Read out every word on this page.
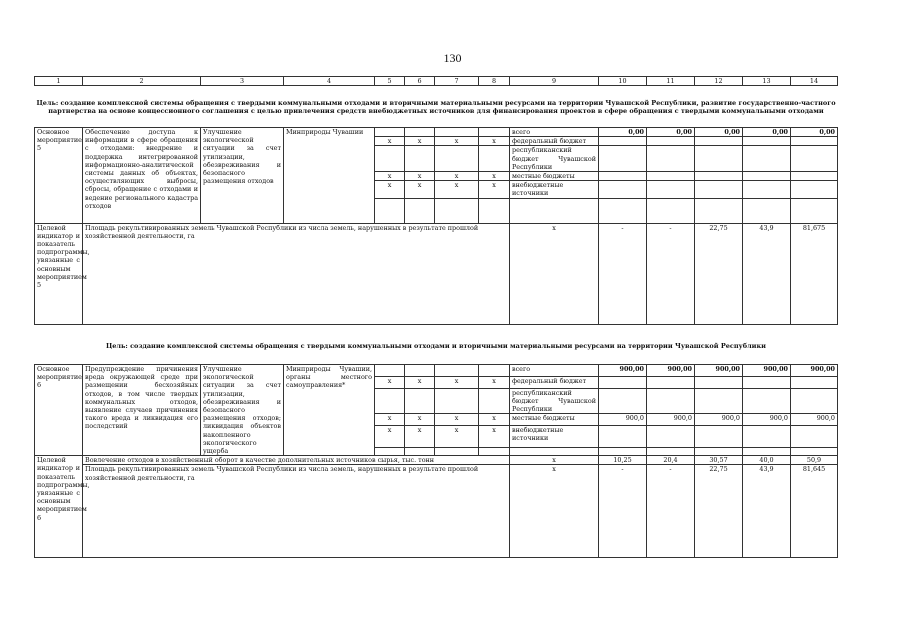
130
1	2	3	4	5	6	7	8	9	10	11	12	13	14
Цель: создание комплексной системы обращения с твердыми коммунальными отходами и вторичными материальными ресурсами на территории Чувашской Республики, развитие государственно-частного партнерства на основе концессионного соглашения с целью привлечения средств внебюджетных источников для финансирования проектов в сфере обращения с твердыми коммунальными отходами
Основное мероприятие 5	Обеспечение доступа к информации в сфере обращения с отходами: внедрение и поддержка интегрированной информационно-аналитической системы данных об объектах, осуществляющих выбросы, сбросы, обращение с отходами и ведение регионального кадастра отходов	Улучшение экологической ситуации за счет утилизации, обезвреживания и безопасного размещения отходов	Минприроды Чувашии					всего	0,00	0,00	0,00	0,00	0,00
				x	x	x	x	федеральный бюджет					
								республиканский бюджет Чувашской Республики					
				x	x	x	x	местные бюджеты					
				x	x	x	x	внебюджетные источники					

Целевой индикатор и показатель подпрограммы, увязанные с основным мероприятием 5	Площадь рекультивированных земель Чувашской Республики из числа земель, нарушенных в результате прошлой хозяйственной деятельности, га							x	-	-	22,75	43,9	81,675
Цель: создание комплексной системы обращения с твердыми коммунальными отходами и вторичными материальными ресурсами на территории Чувашской Республики
Основное мероприятие 6	Предупреждение причинения вреда окружающей среде при размещении бесхозяйных отходов, в том числе твердых коммунальных отходов, выявление случаев причинения такого вреда и ликвидация его последствий	Улучшение экологической ситуации за счет утилизации, обезвреживания и безопасного размещения отходов; ликвидация объектов накопленного экологического ущерба	Минприроды Чувашии, органы местного самоуправления*					всего	900,00	900,00	900,00	900,00	900,00
				x	x	x	x	федеральный бюджет					
								республиканский бюджет Чувашской Республики					
				x	x	x	x	местные бюджеты	900,0	900,0	900,0	900,0	900,0
				x	x	x	x	внебюджетные источники					

Целевой индикатор и показатель подпрограммы, увязанные с основным мероприятием 6	Вовлечение отходов в хозяйственный оборот в качестве дополнительных источников сырья, тыс. тонн							x	10,25	20,4	30,57	40,0	50,9
	Площадь рекультивированных земель Чувашской Республики из числа земель, нарушенных в результате прошлой хозяйственной деятельности, га							x	-	-	22,75	43,9	81,645
